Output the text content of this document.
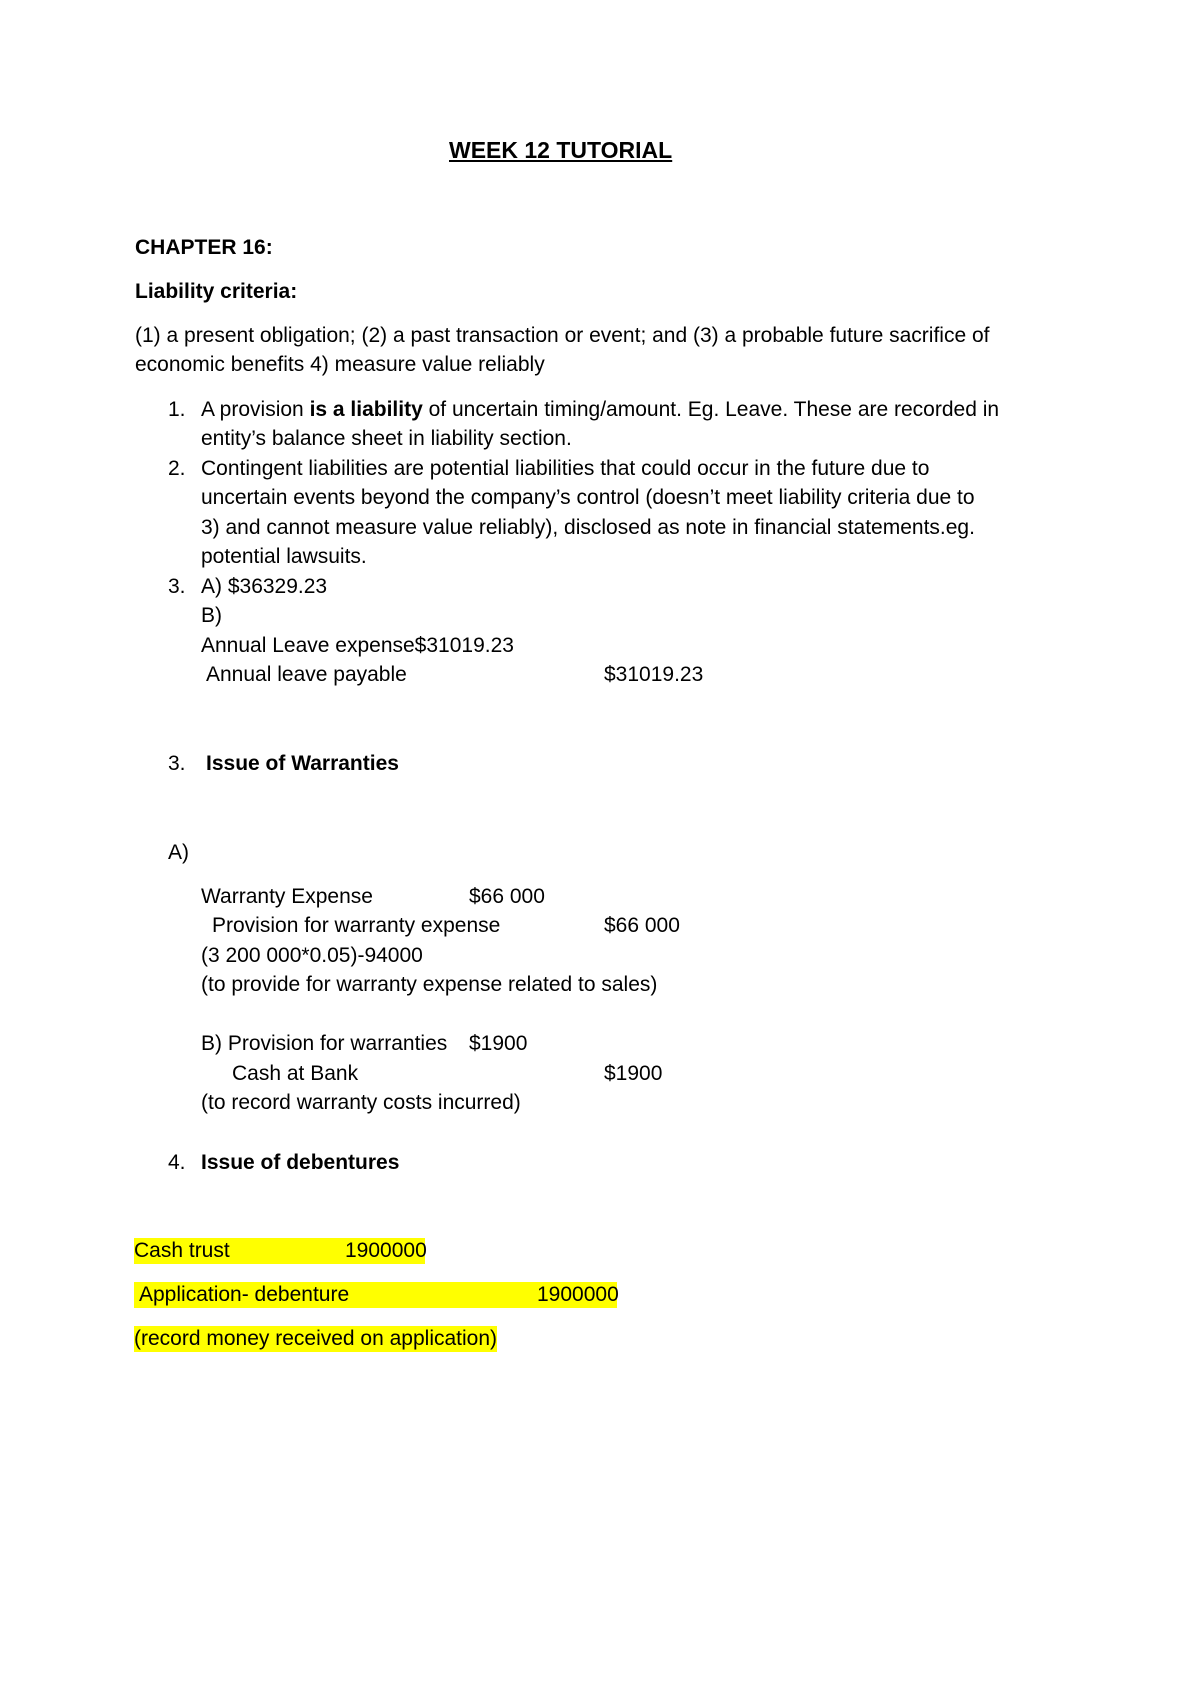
WEEK 12 TUTORIAL
CHAPTER 16:
Liability criteria:
(1) a present obligation; (2) a past transaction or event; and (3) a probable future sacrifice of
economic benefits 4) measure value reliably
1. A provision is a liability of uncertain timing/amount. Eg. Leave. These are recorded in
entity’s balance sheet in liability section.
2. Contingent liabilities are potential liabilities that could occur in the future due to
uncertain events beyond the company’s control (doesn’t meet liability criteria due to
3) and cannot measure value reliably), disclosed as note in financial statements.eg.
potential lawsuits.
3. A) $36329.23
B)
Annual Leave expense$31019.23
Annual leave payable	$31019.23
3. Issue of Warranties
A)
Warranty Expense	$66 000
Provision for warranty expense	$66 000
(3 200 000*0.05)-94000
(to provide for warranty expense related to sales)
B) Provision for warranties $1900
Cash at Bank	$1900
(to record warranty costs incurred)
4. Issue of debentures
Cash trust	1900000
Application- debenture	1900000
(record money received on application)
